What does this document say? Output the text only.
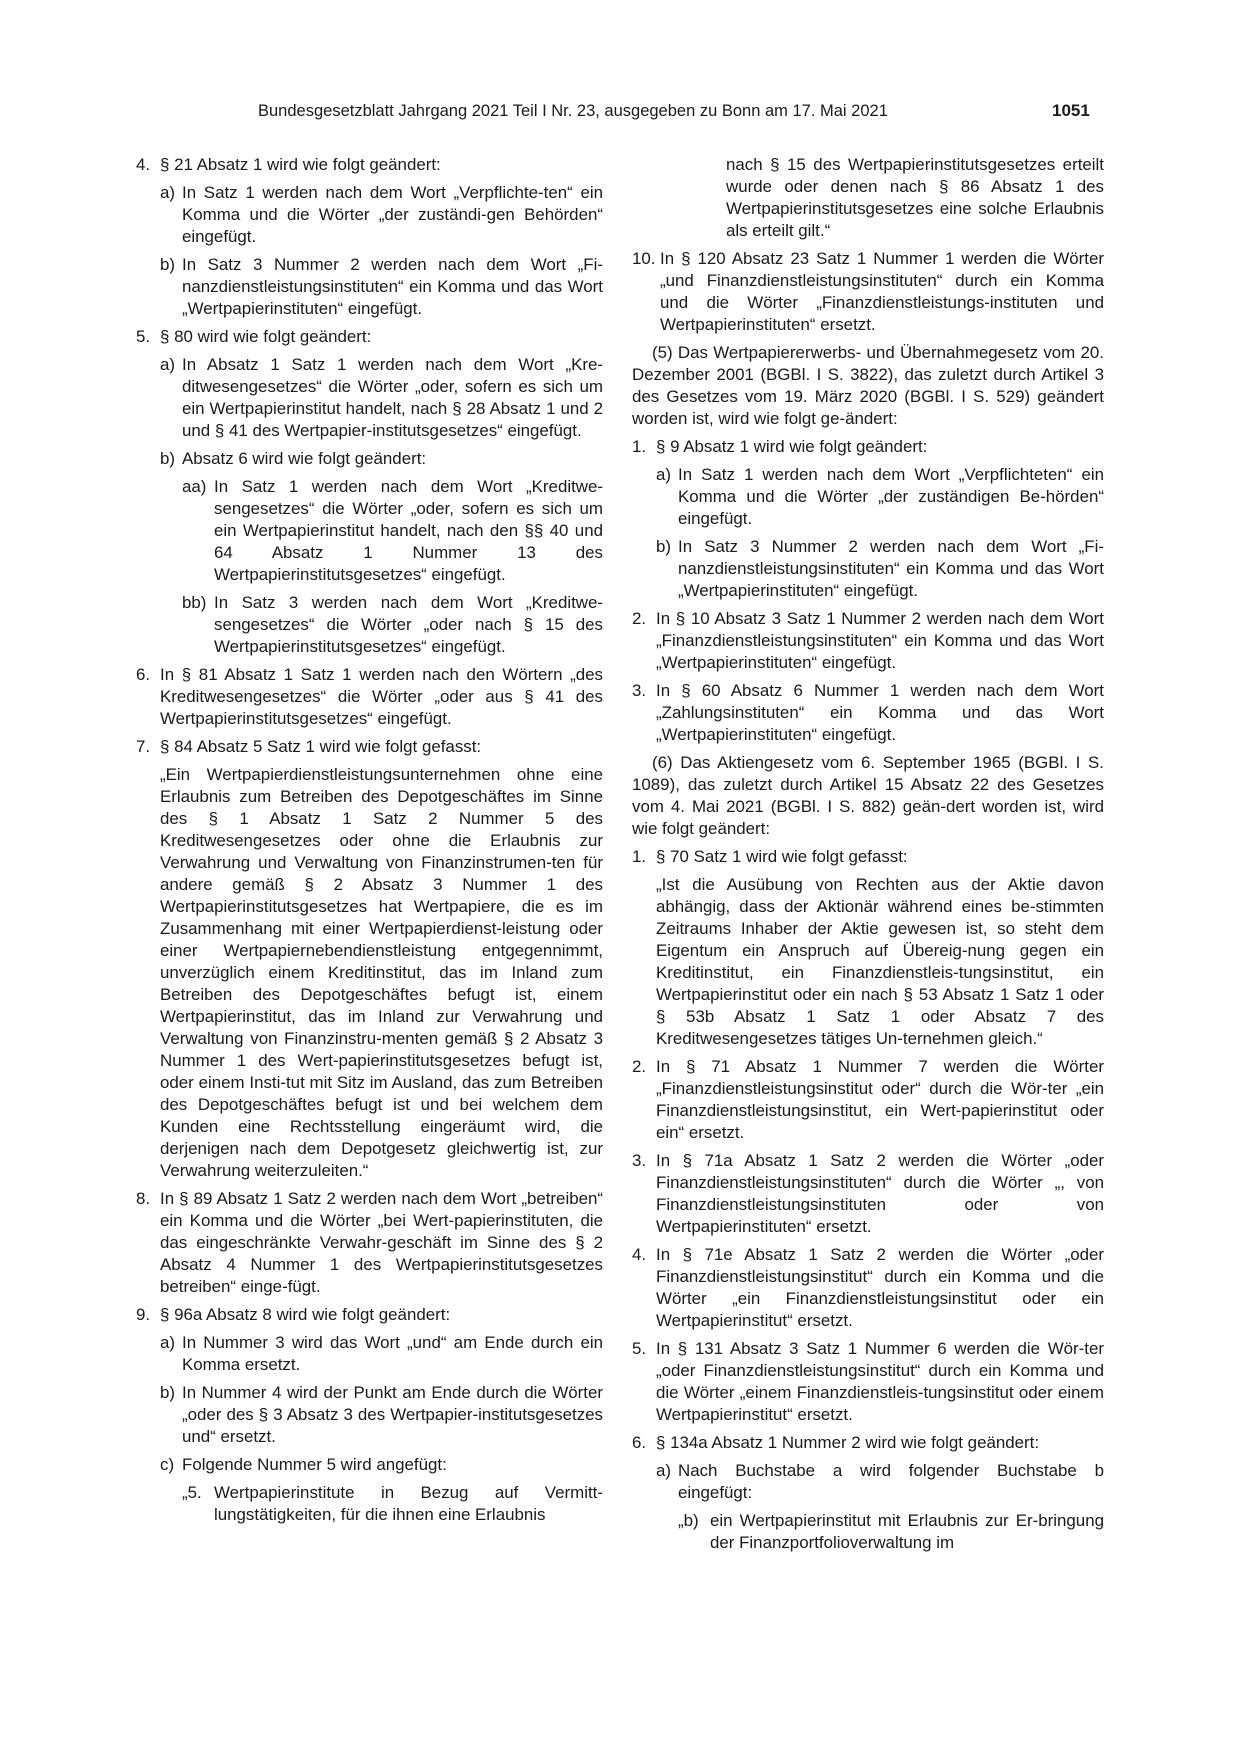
Bundesgesetzblatt Jahrgang 2021 Teil I Nr. 23, ausgegeben zu Bonn am 17. Mai 2021	1051
4. § 21 Absatz 1 wird wie folgt geändert:
a) In Satz 1 werden nach dem Wort „Verpflichte-ten“ ein Komma und die Wörter „der zuständi-gen Behörden“ eingefügt.
b) In Satz 3 Nummer 2 werden nach dem Wort „Fi-nanzdienstleistungsinstituten“ ein Komma und das Wort „Wertpapierinstituten“ eingefügt.
5. § 80 wird wie folgt geändert:
a) In Absatz 1 Satz 1 werden nach dem Wort „Kre-ditwesengesetzes“ die Wörter „oder, sofern es sich um ein Wertpapierinstitut handelt, nach § 28 Absatz 1 und 2 und § 41 des Wertpapier-institutsgesetzes“ eingefügt.
b) Absatz 6 wird wie folgt geändert:
aa) In Satz 1 werden nach dem Wort „Kreditwe-sengesetzes“ die Wörter „oder, sofern es sich um ein Wertpapierinstitut handelt, nach den §§ 40 und 64 Absatz 1 Nummer 13 des Wertpapierinstitutsgesetzes“ eingefügt.
bb) In Satz 3 werden nach dem Wort „Kreditwe-sengesetzes“ die Wörter „oder nach § 15 des Wertpapierinstitutsgesetzes“ eingefügt.
6. In § 81 Absatz 1 Satz 1 werden nach den Wörtern „des Kreditwesengesetzes“ die Wörter „oder aus § 41 des Wertpapierinstitutsgesetzes“ eingefügt.
7. § 84 Absatz 5 Satz 1 wird wie folgt gefasst:
„Ein Wertpapierdienstleistungsunternehmen ohne eine Erlaubnis zum Betreiben des Depotgeschäftes im Sinne des § 1 Absatz 1 Satz 2 Nummer 5 des Kreditwesengesetzes oder ohne die Erlaubnis zur Verwahrung und Verwaltung von Finanzinstrumen-ten für andere gemäß § 2 Absatz 3 Nummer 1 des Wertpapierinstitutsgesetzes hat Wertpapiere, die es im Zusammenhang mit einer Wertpapierdienst-leistung oder einer Wertpapiernebendienstleistung entgegennimmt, unverzüglich einem Kreditinstitut, das im Inland zum Betreiben des Depotgeschäftes befugt ist, einem Wertpapierinstitut, das im Inland zur Verwahrung und Verwaltung von Finanzinstru-menten gemäß § 2 Absatz 3 Nummer 1 des Wert-papierinstitutsgesetzes befugt ist, oder einem Insti-tut mit Sitz im Ausland, das zum Betreiben des Depotgeschäftes befugt ist und bei welchem dem Kunden eine Rechtsstellung eingeräumt wird, die derjenigen nach dem Depotgesetz gleichwertig ist, zur Verwahrung weiterzuleiten.“
8. In § 89 Absatz 1 Satz 2 werden nach dem Wort „betreiben“ ein Komma und die Wörter „bei Wert-papierinstituten, die das eingeschränkte Verwahr-geschäft im Sinne des § 2 Absatz 4 Nummer 1 des Wertpapierinstitutsgesetzes betreiben“ einge-fügt.
9. § 96a Absatz 8 wird wie folgt geändert:
a) In Nummer 3 wird das Wort „und“ am Ende durch ein Komma ersetzt.
b) In Nummer 4 wird der Punkt am Ende durch die Wörter „oder des § 3 Absatz 3 des Wertpapier-institutsgesetzes und“ ersetzt.
c) Folgende Nummer 5 wird angefügt:
„5. Wertpapierinstitute in Bezug auf Vermitt-lungstätigkeiten, für die ihnen eine Erlaubnis
nach § 15 des Wertpapierinstitutsgesetzes erteilt wurde oder denen nach § 86 Absatz 1 des Wertpapierinstitutsgesetzes eine solche Erlaubnis als erteilt gilt.“
10. In § 120 Absatz 23 Satz 1 Nummer 1 werden die Wörter „und Finanzdienstleistungsinstituten“ durch ein Komma und die Wörter „Finanzdienstleistungs-instituten und Wertpapierinstituten“ ersetzt.
(5) Das Wertpapiererwerbs- und Übernahmegesetz vom 20. Dezember 2001 (BGBl. I S. 3822), das zuletzt durch Artikel 3 des Gesetzes vom 19. März 2020 (BGBl. I S. 529) geändert worden ist, wird wie folgt ge-ändert:
1. § 9 Absatz 1 wird wie folgt geändert:
a) In Satz 1 werden nach dem Wort „Verpflichteten“ ein Komma und die Wörter „der zuständigen Be-hörden“ eingefügt.
b) In Satz 3 Nummer 2 werden nach dem Wort „Fi-nanzdienstleistungsinstituten“ ein Komma und das Wort „Wertpapierinstituten“ eingefügt.
2. In § 10 Absatz 3 Satz 1 Nummer 2 werden nach dem Wort „Finanzdienstleistungsinstituten“ ein Komma und das Wort „Wertpapierinstituten“ eingefügt.
3. In § 60 Absatz 6 Nummer 1 werden nach dem Wort „Zahlungsinstituten“ ein Komma und das Wort „Wertpapierinstituten“ eingefügt.
(6) Das Aktiengesetz vom 6. September 1965 (BGBl. I S. 1089), das zuletzt durch Artikel 15 Absatz 22 des Gesetzes vom 4. Mai 2021 (BGBl. I S. 882) geän-dert worden ist, wird wie folgt geändert:
1. § 70 Satz 1 wird wie folgt gefasst:
„Ist die Ausübung von Rechten aus der Aktie davon abhängig, dass der Aktionär während eines be-stimmten Zeitraums Inhaber der Aktie gewesen ist, so steht dem Eigentum ein Anspruch auf Übereig-nung gegen ein Kreditinstitut, ein Finanzdienstleis-tungsinstitut, ein Wertpapierinstitut oder ein nach § 53 Absatz 1 Satz 1 oder § 53b Absatz 1 Satz 1 oder Absatz 7 des Kreditwesengesetzes tätiges Un-ternehmen gleich.“
2. In § 71 Absatz 1 Nummer 7 werden die Wörter „Finanzdienstleistungsinstitut oder“ durch die Wör-ter „ein Finanzdienstleistungsinstitut, ein Wert-papierinstitut oder ein“ ersetzt.
3. In § 71a Absatz 1 Satz 2 werden die Wörter „oder Finanzdienstleistungsinstituten“ durch die Wörter „, von Finanzdienstleistungsinstituten oder von Wertpapierinstituten“ ersetzt.
4. In § 71e Absatz 1 Satz 2 werden die Wörter „oder Finanzdienstleistungsinstitut“ durch ein Komma und die Wörter „ein Finanzdienstleistungsinstitut oder ein Wertpapierinstitut“ ersetzt.
5. In § 131 Absatz 3 Satz 1 Nummer 6 werden die Wör-ter „oder Finanzdienstleistungsinstitut“ durch ein Komma und die Wörter „einem Finanzdienstleis-tungsinstitut oder einem Wertpapierinstitut“ ersetzt.
6. § 134a Absatz 1 Nummer 2 wird wie folgt geändert:
a) Nach Buchstabe a wird folgender Buchstabe b eingefügt:
„b) ein Wertpapierinstitut mit Erlaubnis zur Er-bringung der Finanzportfolioverwaltung im
